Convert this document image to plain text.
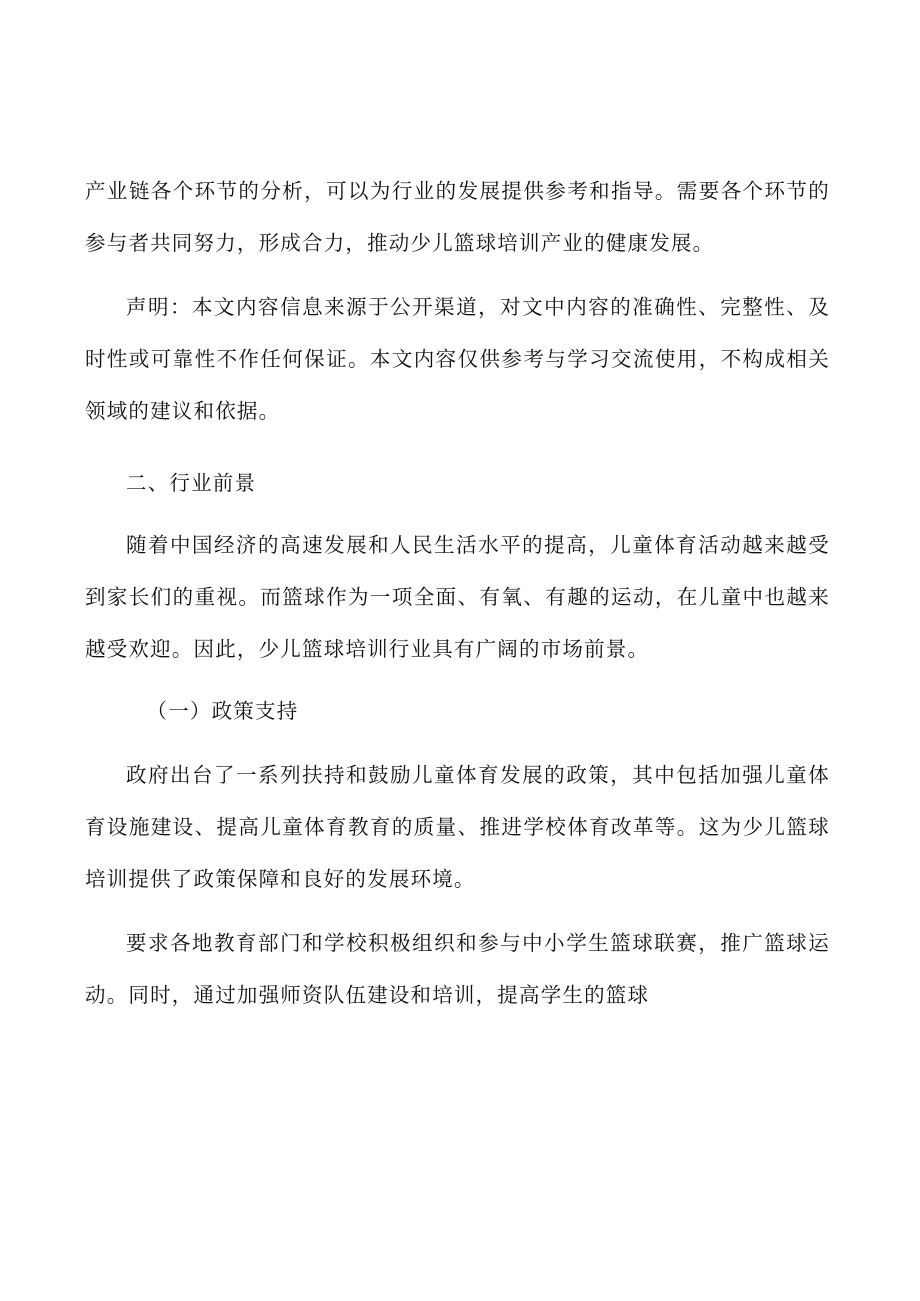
产业链各个环节的分析，可以为行业的发展提供参考和指导。需要各个环节的参与者共同努力，形成合力，推动少儿篮球培训产业的健康发展。

声明：本文内容信息来源于公开渠道，对文中内容的准确性、完整性、及时性或可靠性不作任何保证。本文内容仅供参考与学习交流使用，不构成相关领域的建议和依据。

二、行业前景

随着中国经济的高速发展和人民生活水平的提高，儿童体育活动越来越受到家长们的重视。而篮球作为一项全面、有氧、有趣的运动，在儿童中也越来越受欢迎。因此，少儿篮球培训行业具有广阔的市场前景。

（一）政策支持

政府出台了一系列扶持和鼓励儿童体育发展的政策，其中包括加强儿童体育设施建设、提高儿童体育教育的质量、推进学校体育改革等。这为少儿篮球培训提供了政策保障和良好的发展环境。

要求各地教育部门和学校积极组织和参与中小学生篮球联赛，推广篮球运动。同时，通过加强师资队伍建设和培训，提高学生的篮球
